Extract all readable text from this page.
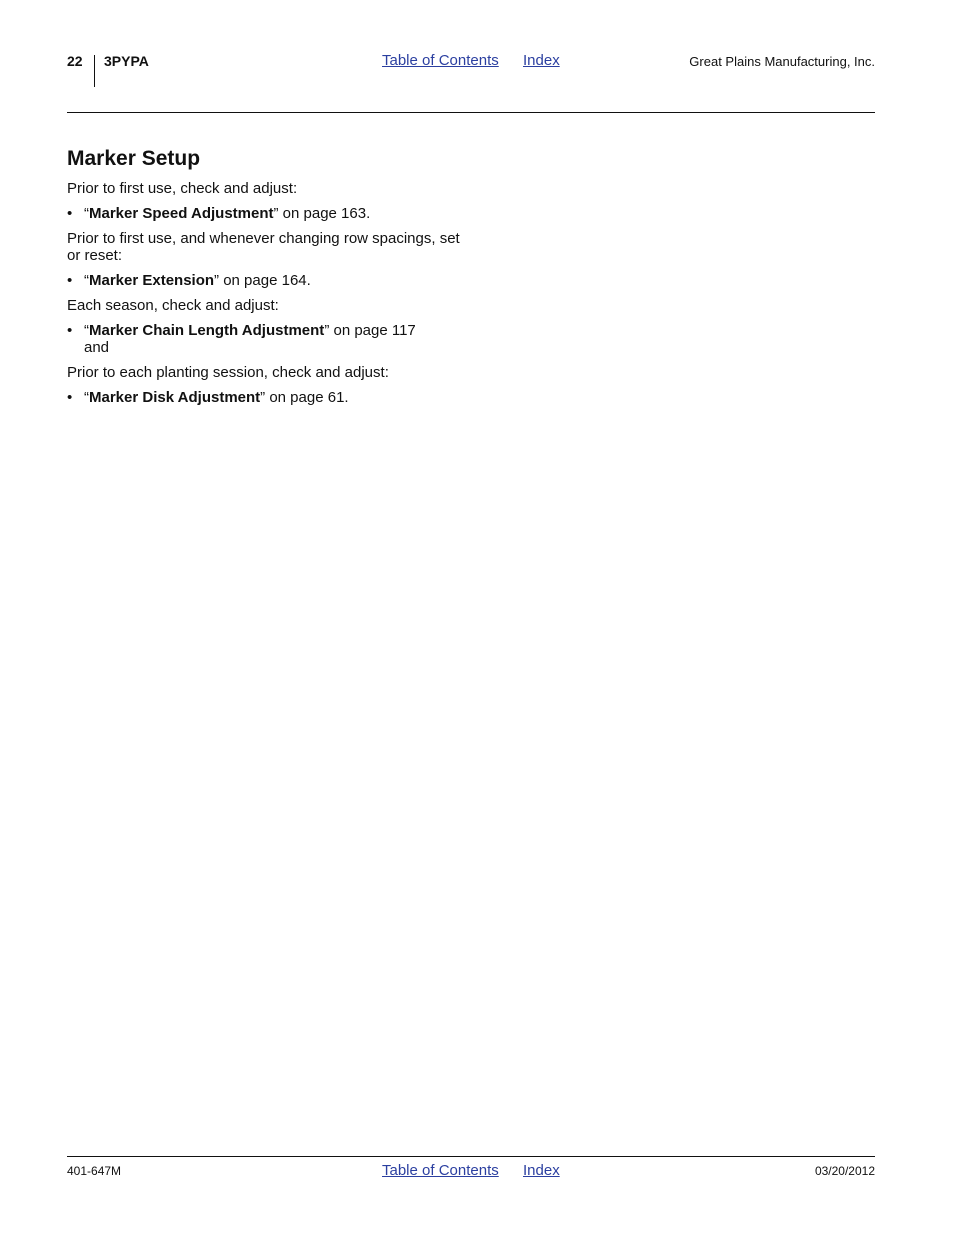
22 3PYPA	Table of Contents Index	Great Plains Manufacturing, Inc.
Marker Setup

Prior to first use, check and adjust:

• “Marker Speed Adjustment” on page 163.

Prior to first use, and whenever changing row spacings, set or reset:

• “Marker Extension” on page 164.

Each season, check and adjust:

• “Marker Chain Length Adjustment” on page 117 and

Prior to each planting session, check and adjust:

• “Marker Disk Adjustment” on page 61.
401-647M	Table of Contents Index	03/20/2012
